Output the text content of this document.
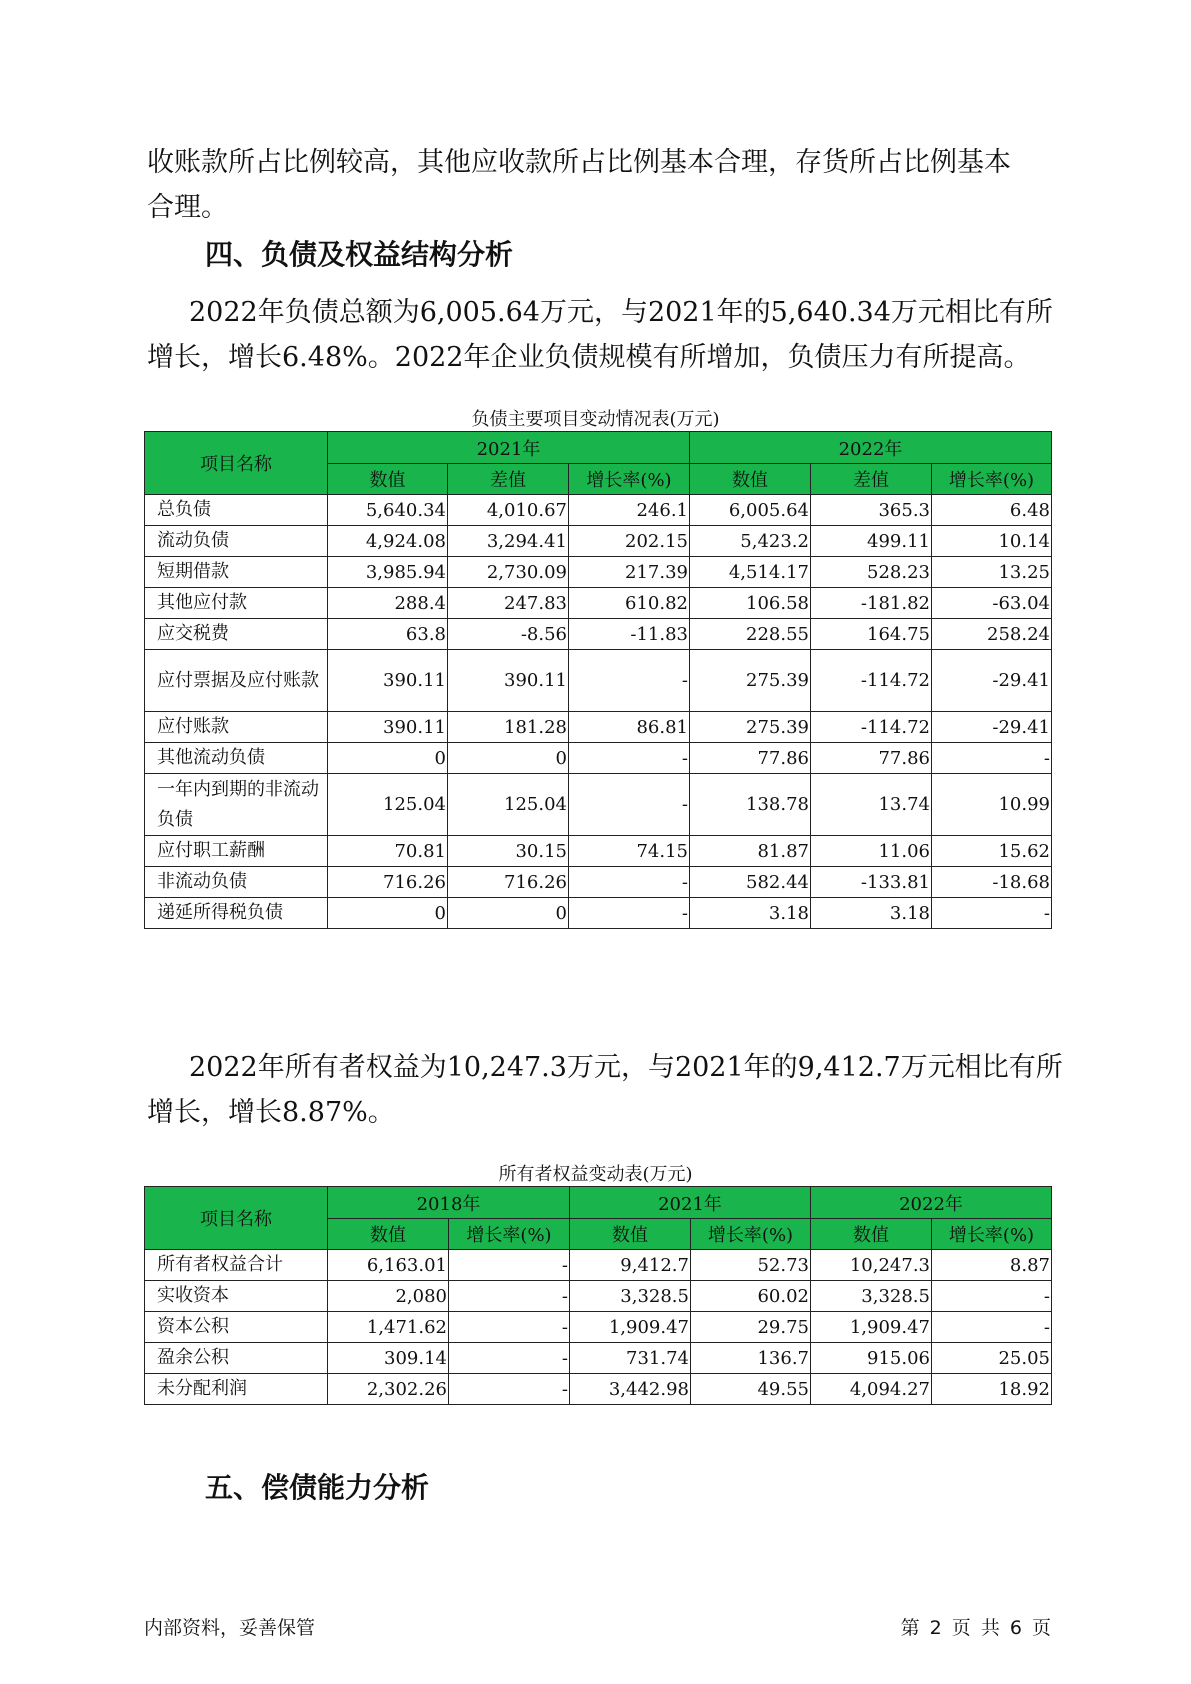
收账款所占比例较高，其他应收款所占比例基本合理，存货所占比例基本
合理。

四、负债及权益结构分析

2022年负债总额为6,005.64万元，与2021年的5,640.34万元相比有所
增长，增长6.48%。2022年企业负债规模有所增加，负债压力有所提高。

负债主要项目变动情况表(万元)

项目名称	2021年			2022年		
	数值	差值	增长率(%)	数值	差值	增长率(%)
总负债	5,640.34	4,010.67	246.1	6,005.64	365.3	6.48
流动负债	4,924.08	3,294.41	202.15	5,423.2	499.11	10.14
短期借款	3,985.94	2,730.09	217.39	4,514.17	528.23	13.25
其他应付款	288.4	247.83	610.82	106.58	-181.82	-63.04
应交税费	63.8	-8.56	-11.83	228.55	164.75	258.24
应付票据及应付账款	390.11	390.11	-	275.39	-114.72	-29.41
应付账款	390.11	181.28	86.81	275.39	-114.72	-29.41
其他流动负债	0	0	-	77.86	77.86	-
一年内到期的非流动负债	125.04	125.04	-	138.78	13.74	10.99
应付职工薪酬	70.81	30.15	74.15	81.87	11.06	15.62
非流动负债	716.26	716.26	-	582.44	-133.81	-18.68
递延所得税负债	0	0	-	3.18	3.18	-

2022年所有者权益为10,247.3万元，与2021年的9,412.7万元相比有所
增长，增长8.87%。

所有者权益变动表(万元)

项目名称	2018年		2021年		2022年	
	数值	增长率(%)	数值	增长率(%)	数值	增长率(%)
所有者权益合计	6,163.01	-	9,412.7	52.73	10,247.3	8.87
实收资本	2,080	-	3,328.5	60.02	3,328.5	-
资本公积	1,471.62	-	1,909.47	29.75	1,909.47	-
盈余公积	309.14	-	731.74	136.7	915.06	25.05
未分配利润	2,302.26	-	3,442.98	49.55	4,094.27	18.92
五、偿债能力分析
内部资料，妥善保管	第 2 页 共 6 页
